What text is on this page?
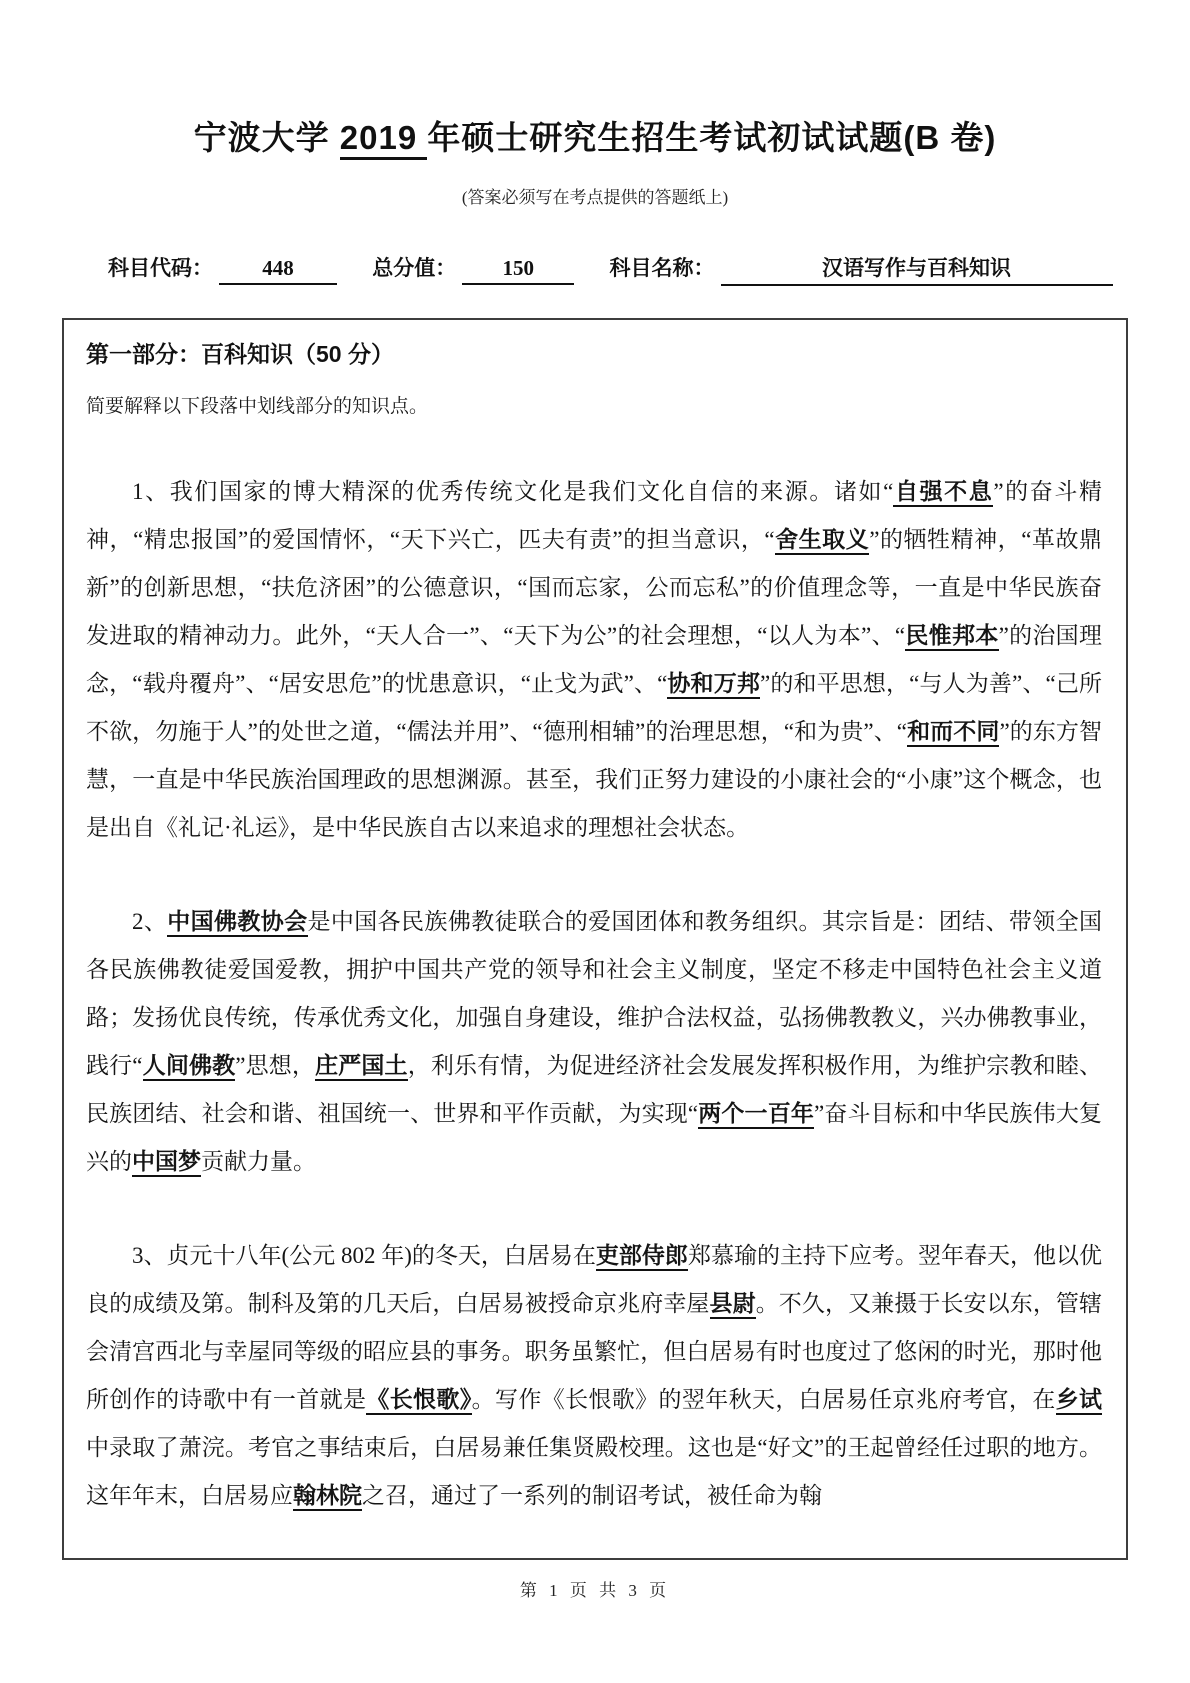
宁波大学 2019 年硕士研究生招生考试初试试题(B 卷)
(答案必须写在考点提供的答题纸上)
科目代码： 448	总分值： 150	科目名称：	汉语写作与百科知识
第一部分：百科知识（50 分）
简要解释以下段落中划线部分的知识点。

1、我们国家的博大精深的优秀传统文化是我们文化自信的来源。诸如“自强不息”的奋斗精神，“精忠报国”的爱国情怀，“天下兴亡，匹夫有责”的担当意识，“舍生取义”的牺牲精神，“革故鼎新”的创新思想，“扶危济困”的公德意识，“国而忘家，公而忘私”的价值理念等，一直是中华民族奋发进取的精神动力。此外，“天人合一”、“天下为公”的社会理想，“以人为本”、“民惟邦本”的治国理念，“载舟覆舟”、“居安思危”的忧患意识，“止戈为武”、“协和万邦”的和平思想，“与人为善”、“己所不欲，勿施于人”的处世之道，“儒法并用”、“德刑相辅”的治理思想，“和为贵”、“和而不同”的东方智慧，一直是中华民族治国理政的思想渊源。甚至，我们正努力建设的小康社会的“小康”这个概念，也是出自《礼记·礼运》，是中华民族自古以来追求的理想社会状态。

2、中国佛教协会是中国各民族佛教徒联合的爱国团体和教务组织。其宗旨是：团结、带领全国各民族佛教徒爱国爱教，拥护中国共产党的领导和社会主义制度，坚定不移走中国特色社会主义道路；发扬优良传统，传承优秀文化，加强自身建设，维护合法权益，弘扬佛教教义，兴办佛教事业，践行“人间佛教”思想，庄严国土，利乐有情，为促进经济社会发展发挥积极作用，为维护宗教和睦、民族团结、社会和谐、祖国统一、世界和平作贡献，为实现“两个一百年”奋斗目标和中华民族伟大复兴的中国梦贡献力量。

3、贞元十八年(公元 802 年)的冬天，白居易在吏部侍郎郑慕瑜的主持下应考。翌年春天，他以优良的成绩及第。制科及第的几天后，白居易被授命京兆府幸屋县尉。不久，又兼摄于长安以东，管辖会清宫西北与幸屋同等级的昭应县的事务。职务虽繁忙，但白居易有时也度过了悠闲的时光，那时他所创作的诗歌中有一首就是《长恨歌》。写作《长恨歌》的翌年秋天，白居易任京兆府考官，在乡试中录取了萧浣。考官之事结束后，白居易兼任集贤殿校理。这也是“好文”的王起曾经任过职的地方。这年年末，白居易应翰林院之召，通过了一系列的制诏考试，被任命为翰

第 1 页 共 3 页
